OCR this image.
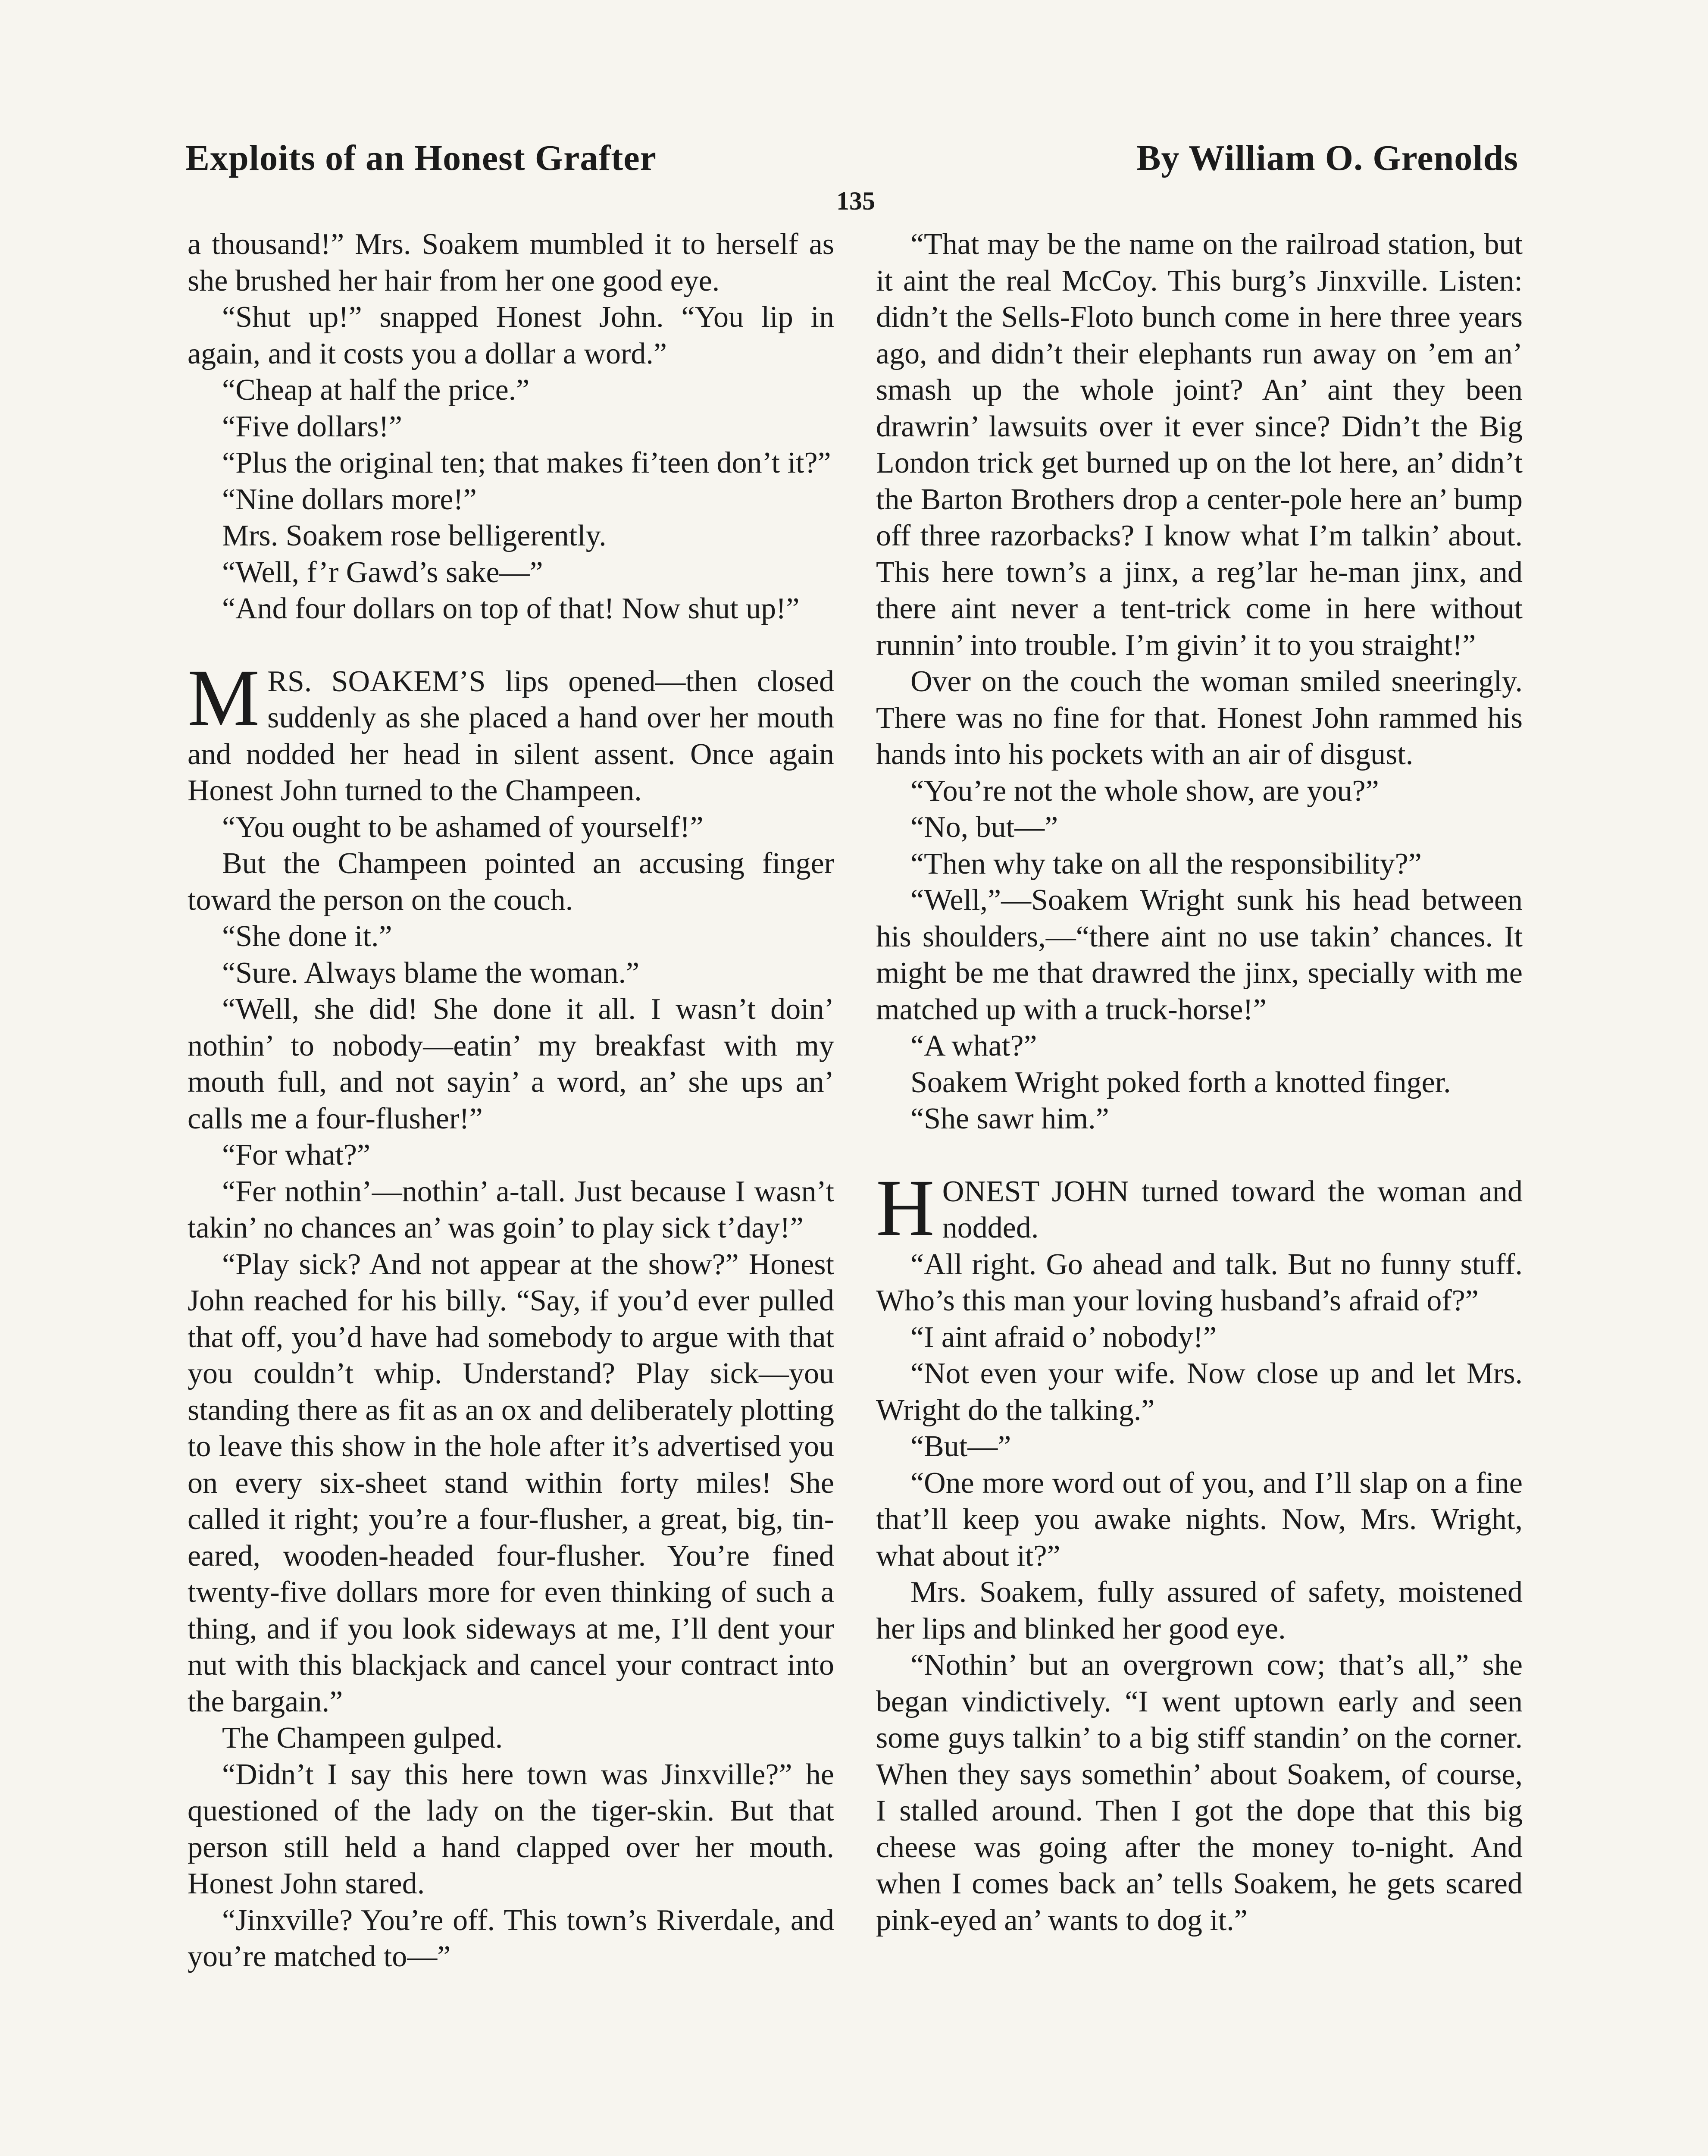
Exploits of an Honest Grafter	By William O. Grenolds
135

a thousand!” Mrs. Soakem mumbled it to herself as she brushed her hair from her one good eye.

“Shut up!” snapped Honest John. “You lip in again, and it costs you a dollar a word.”

“Cheap at half the price.”

“Five dollars!”

“Plus the original ten; that makes fi’teen don’t it?”

“Nine dollars more!”

Mrs. Soakem rose belligerently.

“Well, f’r Gawd’s sake—”

“And four dollars on top of that! Now shut up!”

MRS. SOAKEM’S lips opened—then closed suddenly as she placed a hand over her mouth and nodded her head in silent assent. Once again Honest John turned to the Champeen.

“You ought to be ashamed of yourself!”

But the Champeen pointed an accusing finger toward the person on the couch.

“She done it.”

“Sure. Always blame the woman.”

“Well, she did! She done it all. I wasn’t doin’ nothin’ to nobody—eatin’ my breakfast with my mouth full, and not sayin’ a word, an’ she ups an’ calls me a four-flusher!”

“For what?”

“Fer nothin’—nothin’ a-tall. Just because I wasn’t takin’ no chances an’ was goin’ to play sick t’day!”

“Play sick? And not appear at the show?” Honest John reached for his billy. “Say, if you’d ever pulled that off, you’d have had somebody to argue with that you couldn’t whip. Understand? Play sick—you standing there as fit as an ox and deliberately plotting to leave this show in the hole after it’s advertised you on every six-sheet stand within forty miles! She called it right; you’re a four-flusher, a great, big, tin-eared, wooden-headed four-flusher. You’re fined twenty-five dollars more for even thinking of such a thing, and if you look sideways at me, I’ll dent your nut with this blackjack and cancel your contract into the bargain.”

The Champeen gulped.

“Didn’t I say this here town was Jinxville?” he questioned of the lady on the tiger-skin. But that person still held a hand clapped over her mouth. Honest John stared.

“Jinxville? You’re off. This town’s Riverdale, and you’re matched to—”

“That may be the name on the railroad station, but it aint the real McCoy. This burg’s Jinxville. Listen: didn’t the Sells-Floto bunch come in here three years ago, and didn’t their elephants run away on ’em an’ smash up the whole joint? An’ aint they been drawrin’ lawsuits over it ever since? Didn’t the Big London trick get burned up on the lot here, an’ didn’t the Barton Brothers drop a center-pole here an’ bump off three razorbacks? I know what I’m talkin’ about. This here town’s a jinx, a reg’lar he-man jinx, and there aint never a tent-trick come in here without runnin’ into trouble. I’m givin’ it to you straight!”

Over on the couch the woman smiled sneeringly. There was no fine for that. Honest John rammed his hands into his pockets with an air of disgust.

“You’re not the whole show, are you?”

“No, but—”

“Then why take on all the responsibility?”

“Well,”—Soakem Wright sunk his head between his shoulders,—“there aint no use takin’ chances. It might be me that drawred the jinx, specially with me matched up with a truck-horse!”

“A what?”

Soakem Wright poked forth a knotted finger.

“She sawr him.”

HONEST JOHN turned toward the woman and nodded.

“All right. Go ahead and talk. But no funny stuff. Who’s this man your loving husband’s afraid of?”

“I aint afraid o’ nobody!”

“Not even your wife. Now close up and let Mrs. Wright do the talking.”

“But—”

“One more word out of you, and I’ll slap on a fine that’ll keep you awake nights. Now, Mrs. Wright, what about it?”

Mrs. Soakem, fully assured of safety, moistened her lips and blinked her good eye.

“Nothin’ but an overgrown cow; that’s all,” she began vindictively. “I went uptown early and seen some guys talkin’ to a big stiff standin’ on the corner. When they says somethin’ about Soakem, of course, I stalled around. Then I got the dope that this big cheese was going after the money to-night. And when I comes back an’ tells Soakem, he gets scared pink-eyed an’ wants to dog it.”
